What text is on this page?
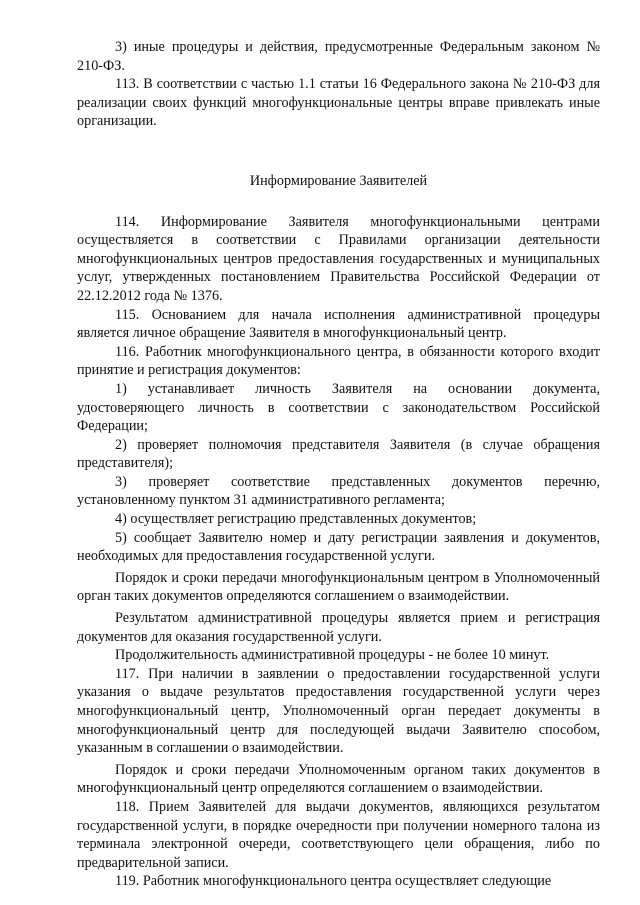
3) иные процедуры и действия, предусмотренные Федеральным законом № 210-ФЗ.

113. В соответствии с частью 1.1 статьи 16 Федерального закона № 210-ФЗ для реализации своих функций многофункциональные центры вправе привлекать иные организации.

Информирование Заявителей

114. Информирование Заявителя многофункциональными центрами осуществляется в соответствии с Правилами организации деятельности многофункциональных центров предоставления государственных и муниципальных услуг, утвержденных постановлением Правительства Российской Федерации от 22.12.2012 года № 1376.

115. Основанием для начала исполнения административной процедуры является личное обращение Заявителя в многофункциональный центр.

116. Работник многофункционального центра, в обязанности которого входит принятие и регистрация документов:

1) устанавливает личность Заявителя на основании документа, удостоверяющего личность в соответствии с законодательством Российской Федерации;

2) проверяет полномочия представителя Заявителя (в случае обращения представителя);

3) проверяет соответствие представленных документов перечню, установленному пунктом 31 административного регламента;

4) осуществляет регистрацию представленных документов;

5) сообщает Заявителю номер и дату регистрации заявления и документов, необходимых для предоставления государственной услуги.

Порядок и сроки передачи многофункциональным центром в Уполномоченный орган таких документов определяются соглашением о взаимодействии.

Результатом административной процедуры является прием и регистрация документов для оказания государственной услуги.

Продолжительность административной процедуры - не более 10 минут.

117. При наличии в заявлении о предоставлении государственной услуги указания о выдаче результатов предоставления государственной услуги через многофункциональный центр, Уполномоченный орган передает документы в многофункциональный центр для последующей выдачи Заявителю способом, указанным в соглашении о взаимодействии.

Порядок и сроки передачи Уполномоченным органом таких документов в многофункциональный центр определяются соглашением о взаимодействии.

118. Прием Заявителей для выдачи документов, являющихся результатом государственной услуги, в порядке очередности при получении номерного талона из терминала электронной очереди, соответствующего цели обращения, либо по предварительной записи.

119. Работник многофункционального центра осуществляет следующие
